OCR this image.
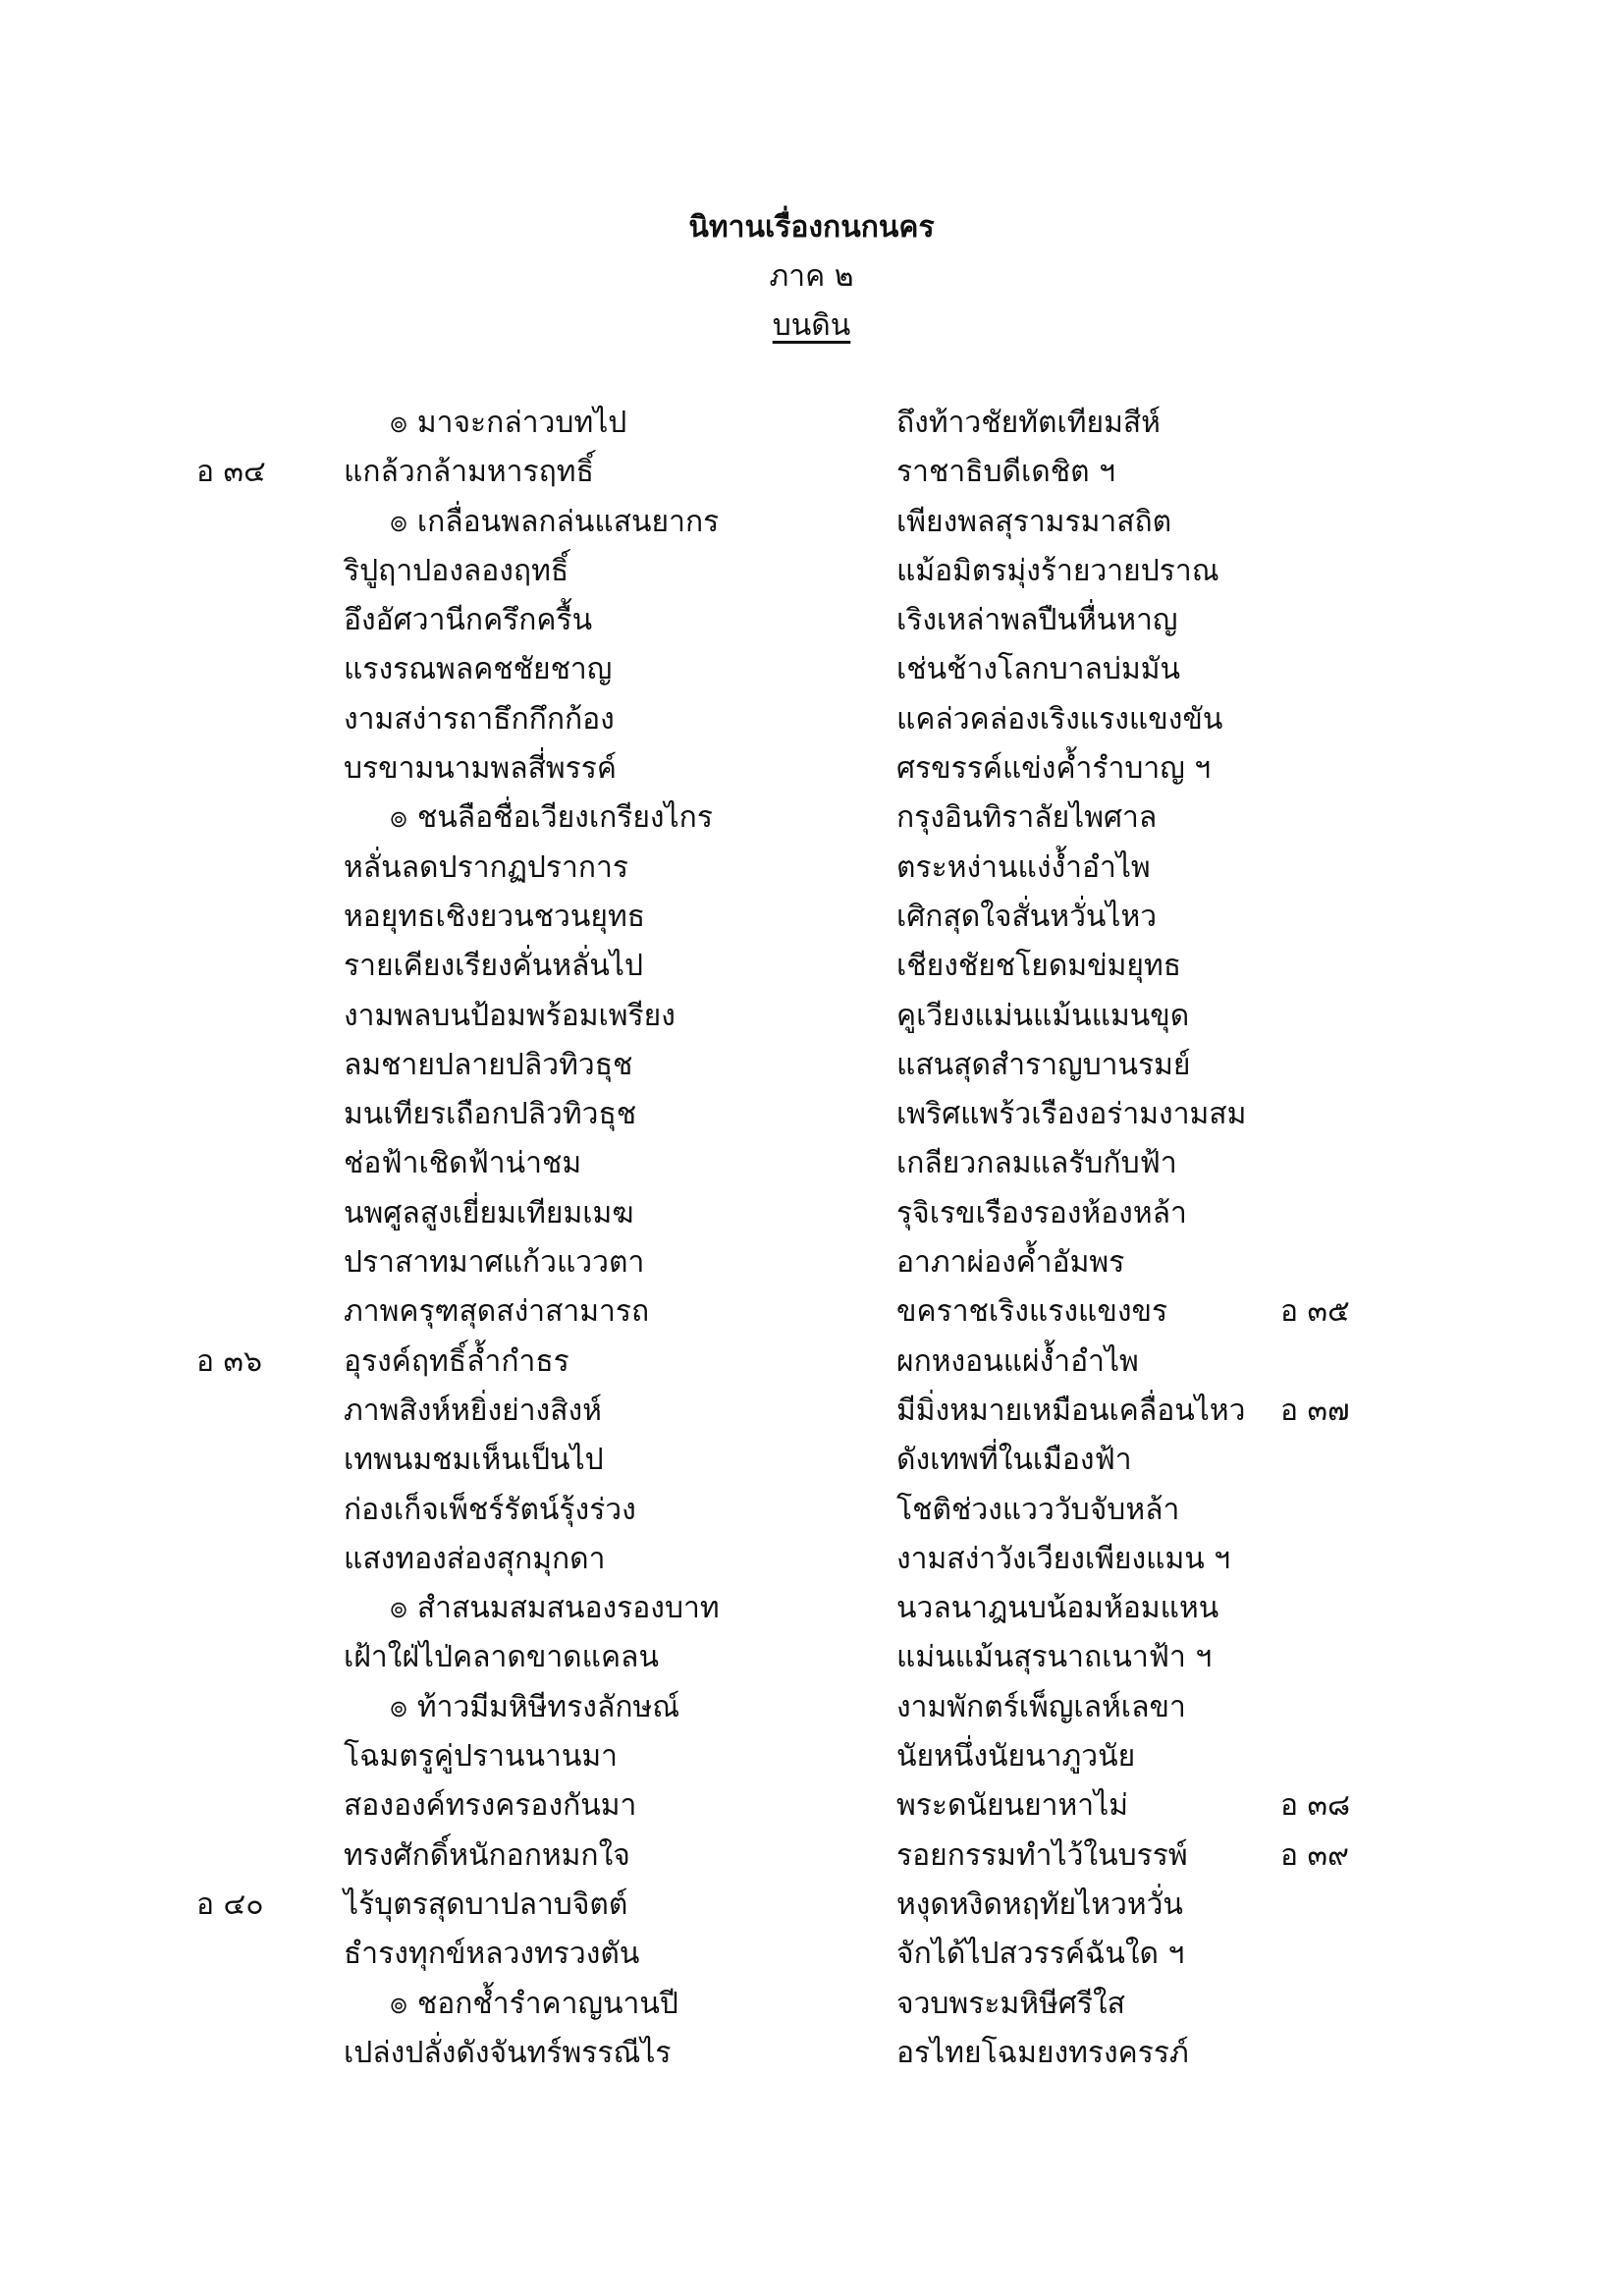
นิทานเรื่องกนกนคร
ภาค ๒
บนดิน
๏ มาจะกล่าวบทไป	ถึงท้าวชัยทัตเทียมสีห์
อ ๓๔	แกล้วกล้ามหารฤทธิ์	ราชาธิบดีเดชิต ฯ
๏ เกลื่อนพลกล่นแสนยากร	เพียงพลสุรามรมาสถิต
ริปูฤาปองลองฤทธิ์	แม้อมิตรมุ่งร้ายวายปราณ
อึงอัศวานีกครึกครื้น	เริงเหล่าพลปืนหื่นหาญ
แรงรณพลคชชัยชาญ	เช่นช้างโลกบาลบ่มมัน
งามสง่ารถาธึกกึกก้อง	แคล่วคล่องเริงแรงแขงขัน
บรขามนามพลสี่พรรค์	ศรขรรค์แข่งค้ำรำบาญ ฯ
๏ ชนลือชื่อเวียงเกรียงไกร	กรุงอินทิราลัยไพศาล
หลั่นลดปรากฏปราการ	ตระหง่านแง่ง้ำอำไพ
หอยุทธเชิงยวนชวนยุทธ	เศิกสุดใจสั่นหวั่นไหว
รายเคียงเรียงคั่นหลั่นไป	เชียงชัยชโยดมข่มยุทธ
งามพลบนป้อมพร้อมเพรียง	คูเวียงแม่นแม้นแมนขุด
ลมชายปลายปลิวทิวธุช	แสนสุดสำราญบานรมย์
มนเทียรเถือกปลิวทิวธุช	เพริศแพร้วเรืองอร่ามงามสม
ช่อฟ้าเชิดฟ้าน่าชม	เกลียวกลมแลรับกับฟ้า
นพศูลสูงเยี่ยมเทียมเมฆ	รุจิเรขเรืองรองห้องหล้า
ปราสาทมาศแก้วแววตา	อาภาผ่องค้ำอัมพร
ภาพครุฑสุดสง่าสามารถ	ขคราชเริงแรงแขงขร	อ ๓๕
อ ๓๖	อุรงค์ฤทธิ์ล้ำกำธร	ผกหงอนแผ่ง้ำอำไพ
ภาพสิงห์หยิ่งย่างสิงห์	มีมิ่งหมายเหมือนเคลื่อนไหว อ ๓๗
เทพนมชมเห็นเป็นไป	ดังเทพที่ในเมืองฟ้า
ก่องเก็จเพ็ชร์รัตน์รุ้งร่วง	โชติช่วงแวววับจับหล้า
แสงทองส่องสุกมุกดา	งามสง่าวังเวียงเพียงแมน ฯ
๏ สำสนมสมสนองรองบาท	นวลนาฎนบน้อมห้อมแหน
เฝ้าใฝ่ไป่คลาดขาดแคลน	แม่นแม้นสุรนาถเนาฟ้า ฯ
๏ ท้าวมีมหิษีทรงลักษณ์	งามพักตร์เพ็ญเลห์เลขา
โฉมตรูคู่ปรานนานมา	นัยหนึ่งนัยนาภูวนัย
สององค์ทรงครองกันมา	พระดนัยนยาหาไม่	อ ๓๘
ทรงศักดิ์หนักอกหมกใจ	รอยกรรมทำไว้ในบรรพ์	อ ๓๙
อ ๔๐	ไร้บุตรสุดบาปลาบจิตต์	หงุดหงิดหฤทัยไหวหวั่น
ธำรงทุกข์หลวงทรวงตัน	จักได้ไปสวรรค์ฉันใด ฯ
๏ ชอกช้ำรำคาญนานปี	จวบพระมหิษีศรีใส
เปล่งปลั่งดังจันทร์พรรณีไร	อรไทยโฉมยงทรงครรภ์
